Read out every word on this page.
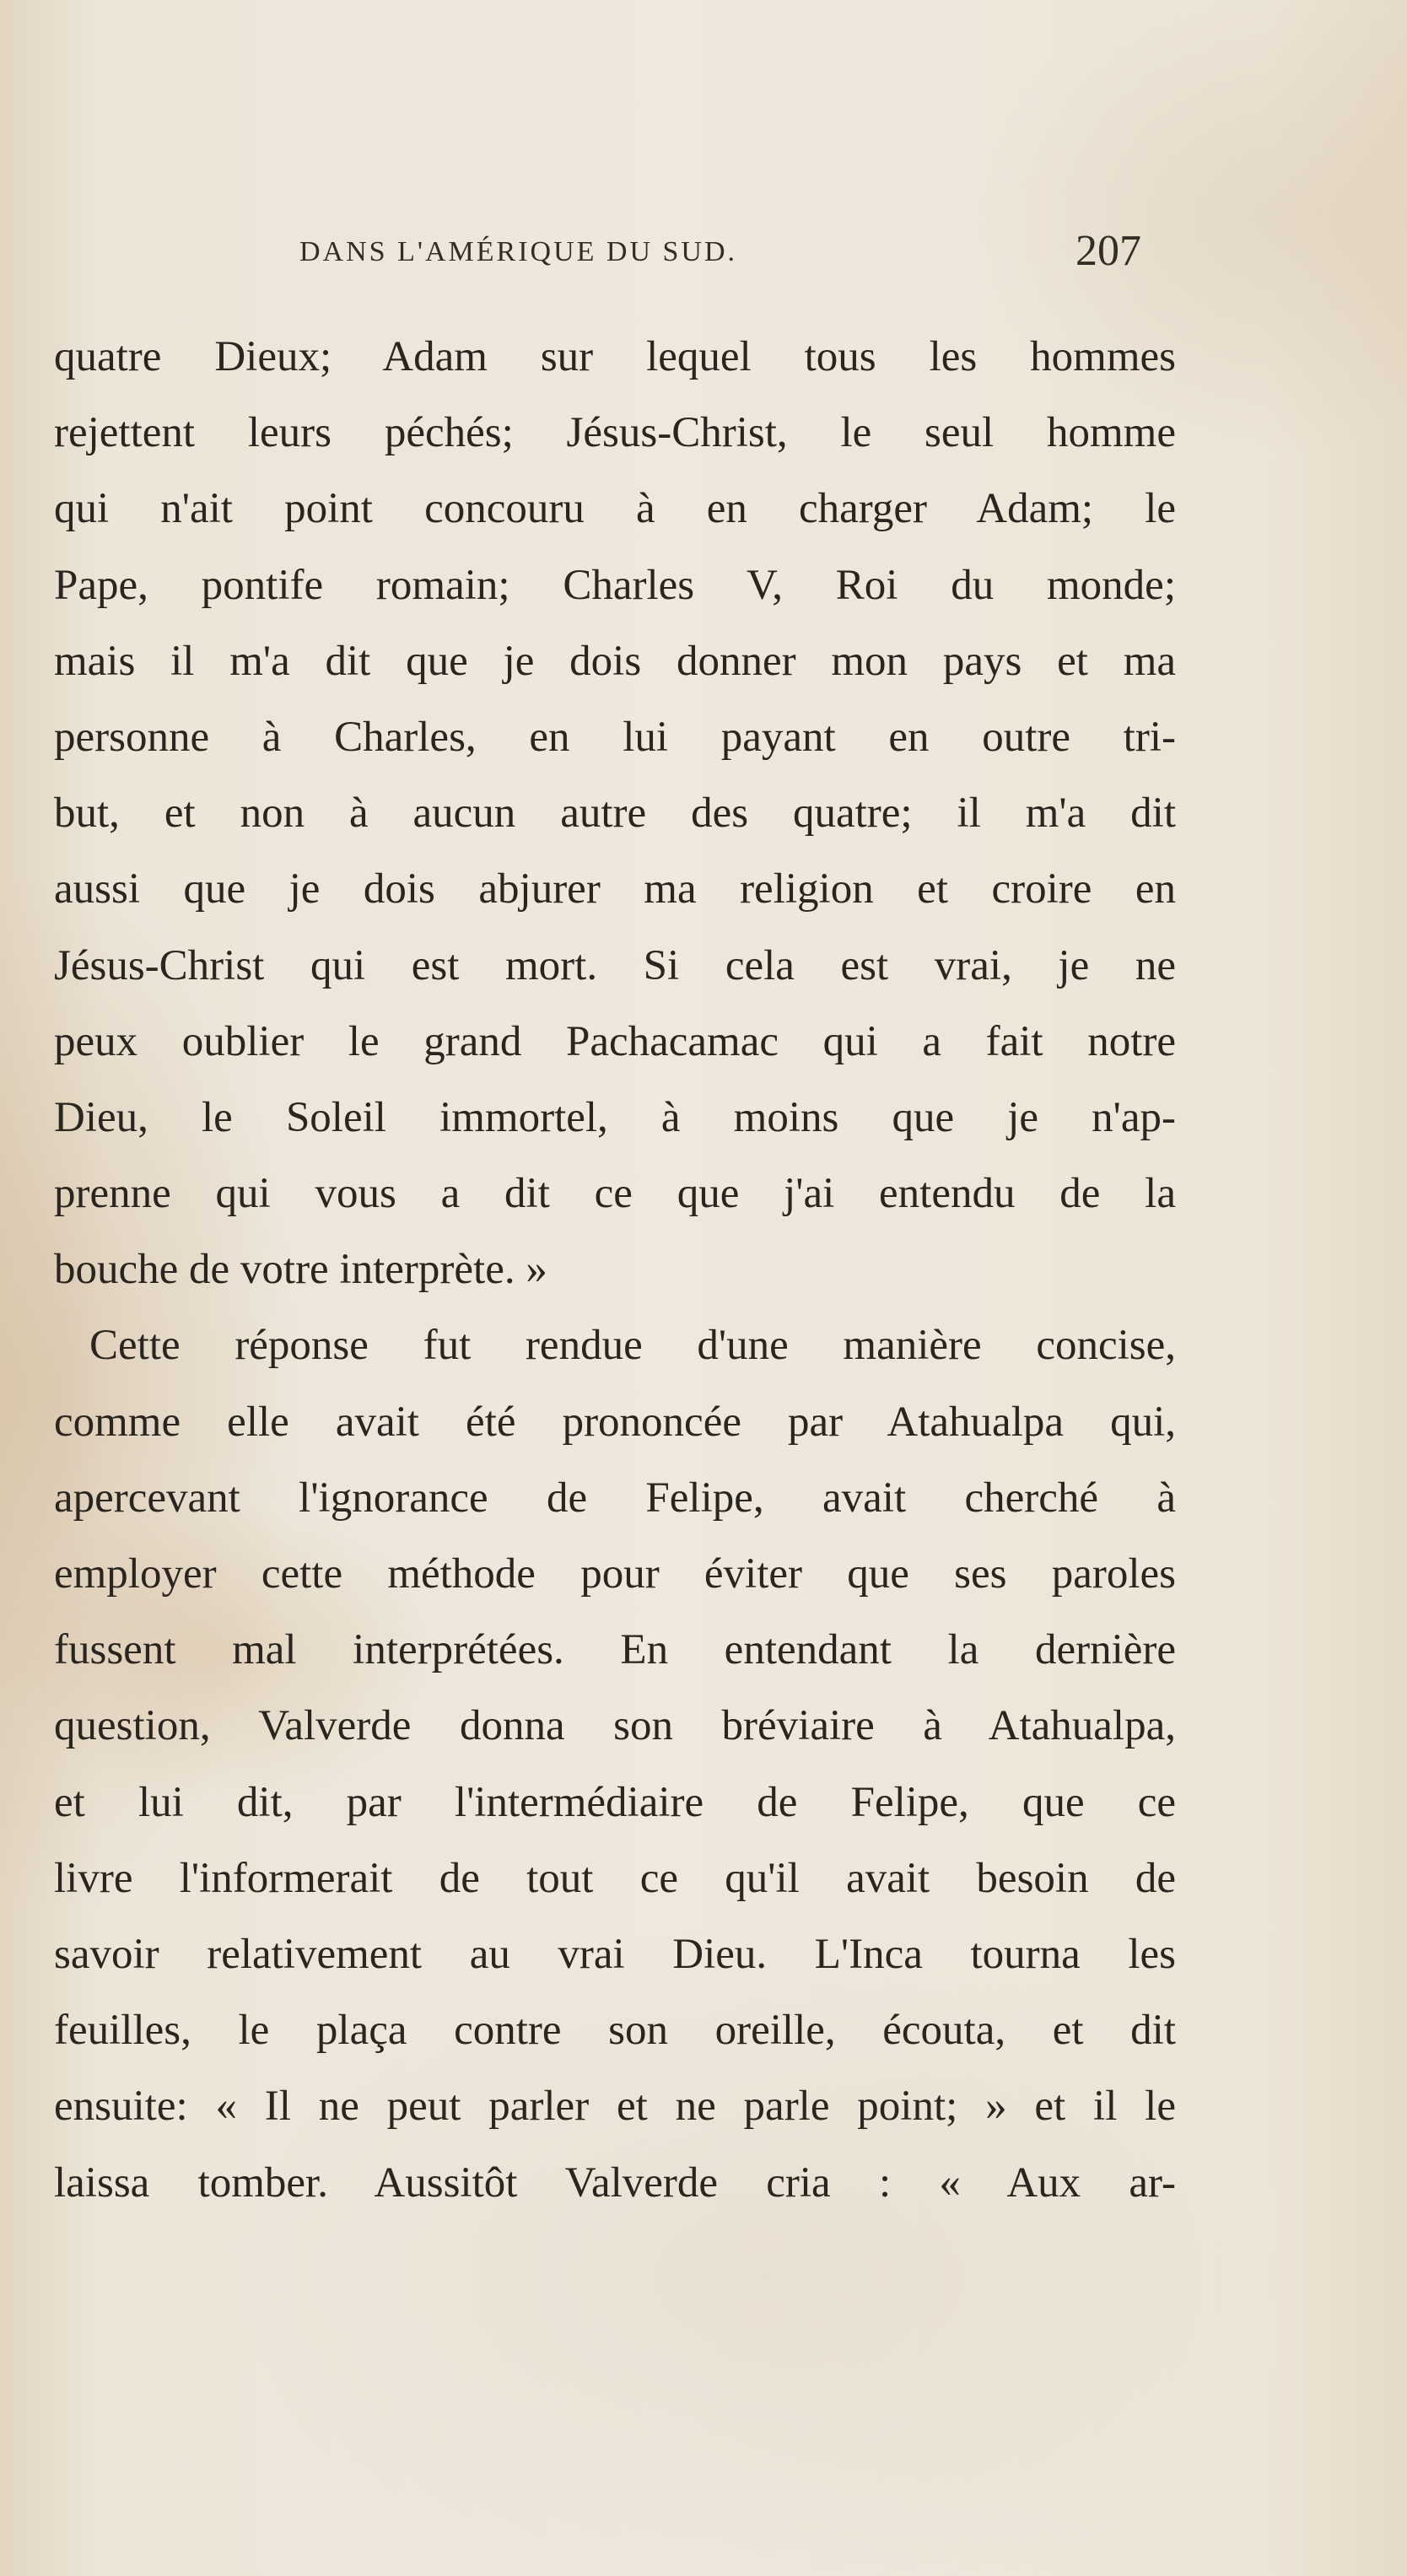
DANS L'AMÉRIQUE DU SUD.	207
quatre Dieux; Adam sur lequel tous les hommes
rejettent leurs péchés; Jésus-Christ, le seul homme
qui n'ait point concouru à en charger Adam; le
Pape, pontife romain; Charles V, Roi du monde;
mais il m'a dit que je dois donner mon pays et ma
personne à Charles, en lui payant en outre tri-
but, et non à aucun autre des quatre; il m'a dit
aussi que je dois abjurer ma religion et croire en
Jésus-Christ qui est mort. Si cela est vrai, je ne
peux oublier le grand Pachacamac qui a fait notre
Dieu, le Soleil immortel, à moins que je n'ap-
prenne qui vous a dit ce que j'ai entendu de la
bouche de votre interprète. »
Cette réponse fut rendue d'une manière concise,
comme elle avait été prononcée par Atahualpa qui,
apercevant l'ignorance de Felipe, avait cherché à
employer cette méthode pour éviter que ses paroles
fussent mal interprétées. En entendant la dernière
question, Valverde donna son bréviaire à Atahualpa,
et lui dit, par l'intermédiaire de Felipe, que ce
livre l'informerait de tout ce qu'il avait besoin de
savoir relativement au vrai Dieu. L'Inca tourna les
feuilles, le plaça contre son oreille, écouta, et dit
ensuite: « Il ne peut parler et ne parle point; » et il le
laissa tomber. Aussitôt Valverde cria : « Aux ar-
